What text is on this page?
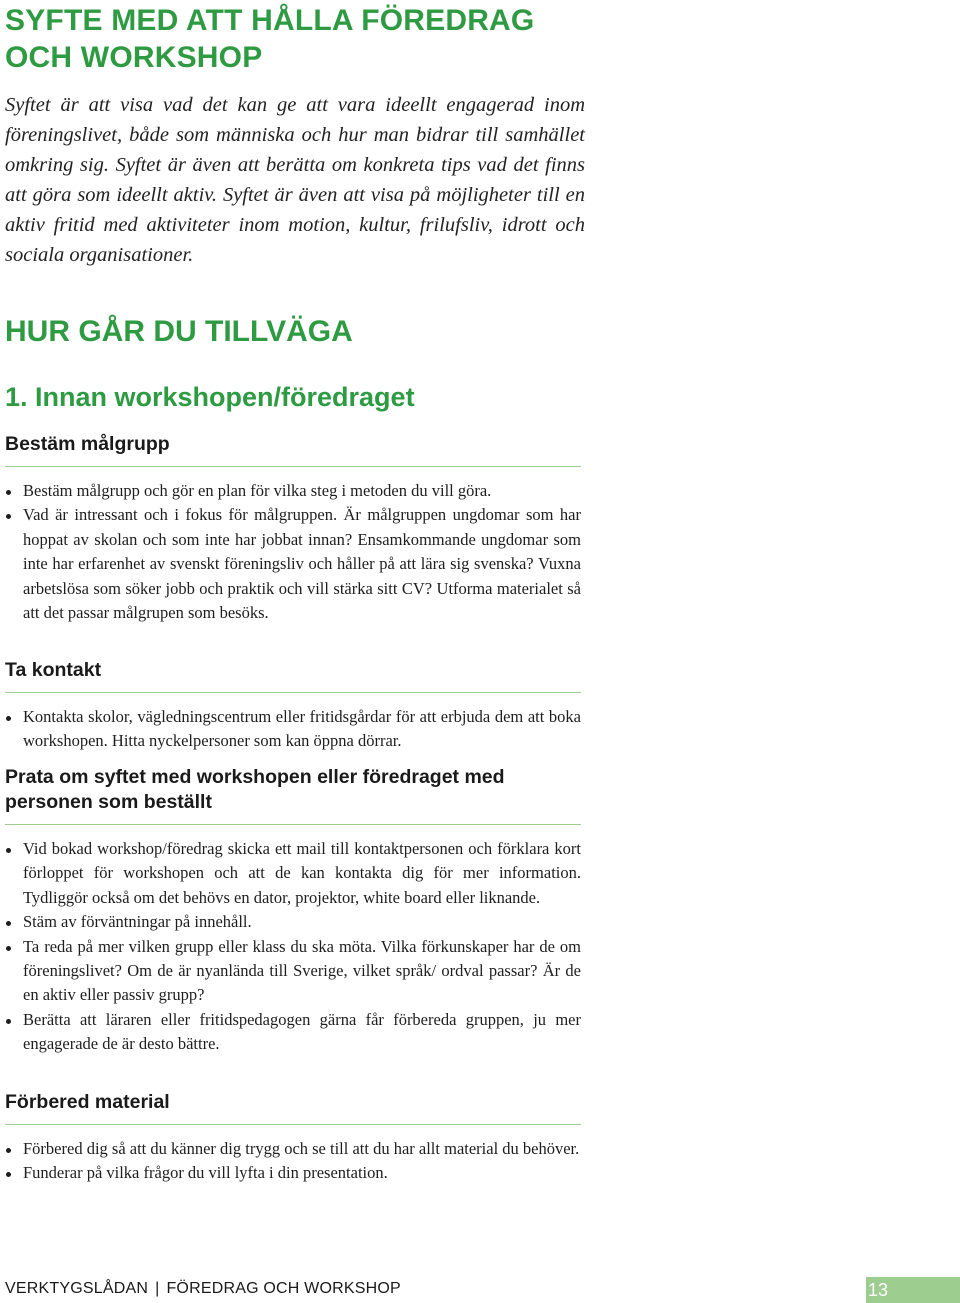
SYFTE MED ATT HÅLLA FÖREDRAG OCH WORKSHOP

Syftet är att visa vad det kan ge att vara ideellt engagerad inom föreningslivet, både som människa och hur man bidrar till samhället omkring sig. Syftet är även att berätta om konkreta tips vad det finns att göra som ideellt aktiv. Syftet är även att visa på möjligheter till en aktiv fritid med aktiviteter inom motion, kultur, frilufsliv, idrott och sociala organisationer.

HUR GÅR DU TILLVÄGA
1. Innan workshopen/föredraget
Bestäm målgrupp
Bestäm målgrupp och gör en plan för vilka steg i metoden du vill göra.
Vad är intressant och i fokus för målgruppen. Är målgruppen ungdomar som har hoppat av skolan och som inte har jobbat innan? Ensamkommande ungdomar som inte har erfarenhet av svenskt föreningsliv och håller på att lära sig svenska? Vuxna arbetslösa som söker jobb och praktik och vill stärka sitt CV? Utforma materialet så att det passar målgrupen som besöks.
Ta kontakt
Kontakta skolor, vägledningscentrum eller fritidsgårdar för att erbjuda dem att boka workshopen. Hitta nyckelpersoner som kan öppna dörrar.
Prata om syftet med workshopen eller föredraget med personen som beställt
Vid bokad workshop/föredrag skicka ett mail till kontaktpersonen och förklara kort förloppet för workshopen och att de kan kontakta dig för mer information. Tydliggör också om det behövs en dator, projektor, white board eller liknande.
Stäm av förväntningar på innehåll.
Ta reda på mer vilken grupp eller klass du ska möta. Vilka förkunskaper har de om föreningslivet? Om de är nyanlända till Sverige, vilket språk/ ordval passar? Är de en aktiv eller passiv grupp?
Berätta att läraren eller fritidspedagogen gärna får förbereda gruppen, ju mer engagerade de är desto bättre.
Förbered material
Förbered dig så att du känner dig trygg och se till att du har allt material du behöver.
Funderar på vilka frågor du vill lyfta i din presentation.
VERKTYGSLÅDAN | FÖREDRAG OCH WORKSHOP	13
